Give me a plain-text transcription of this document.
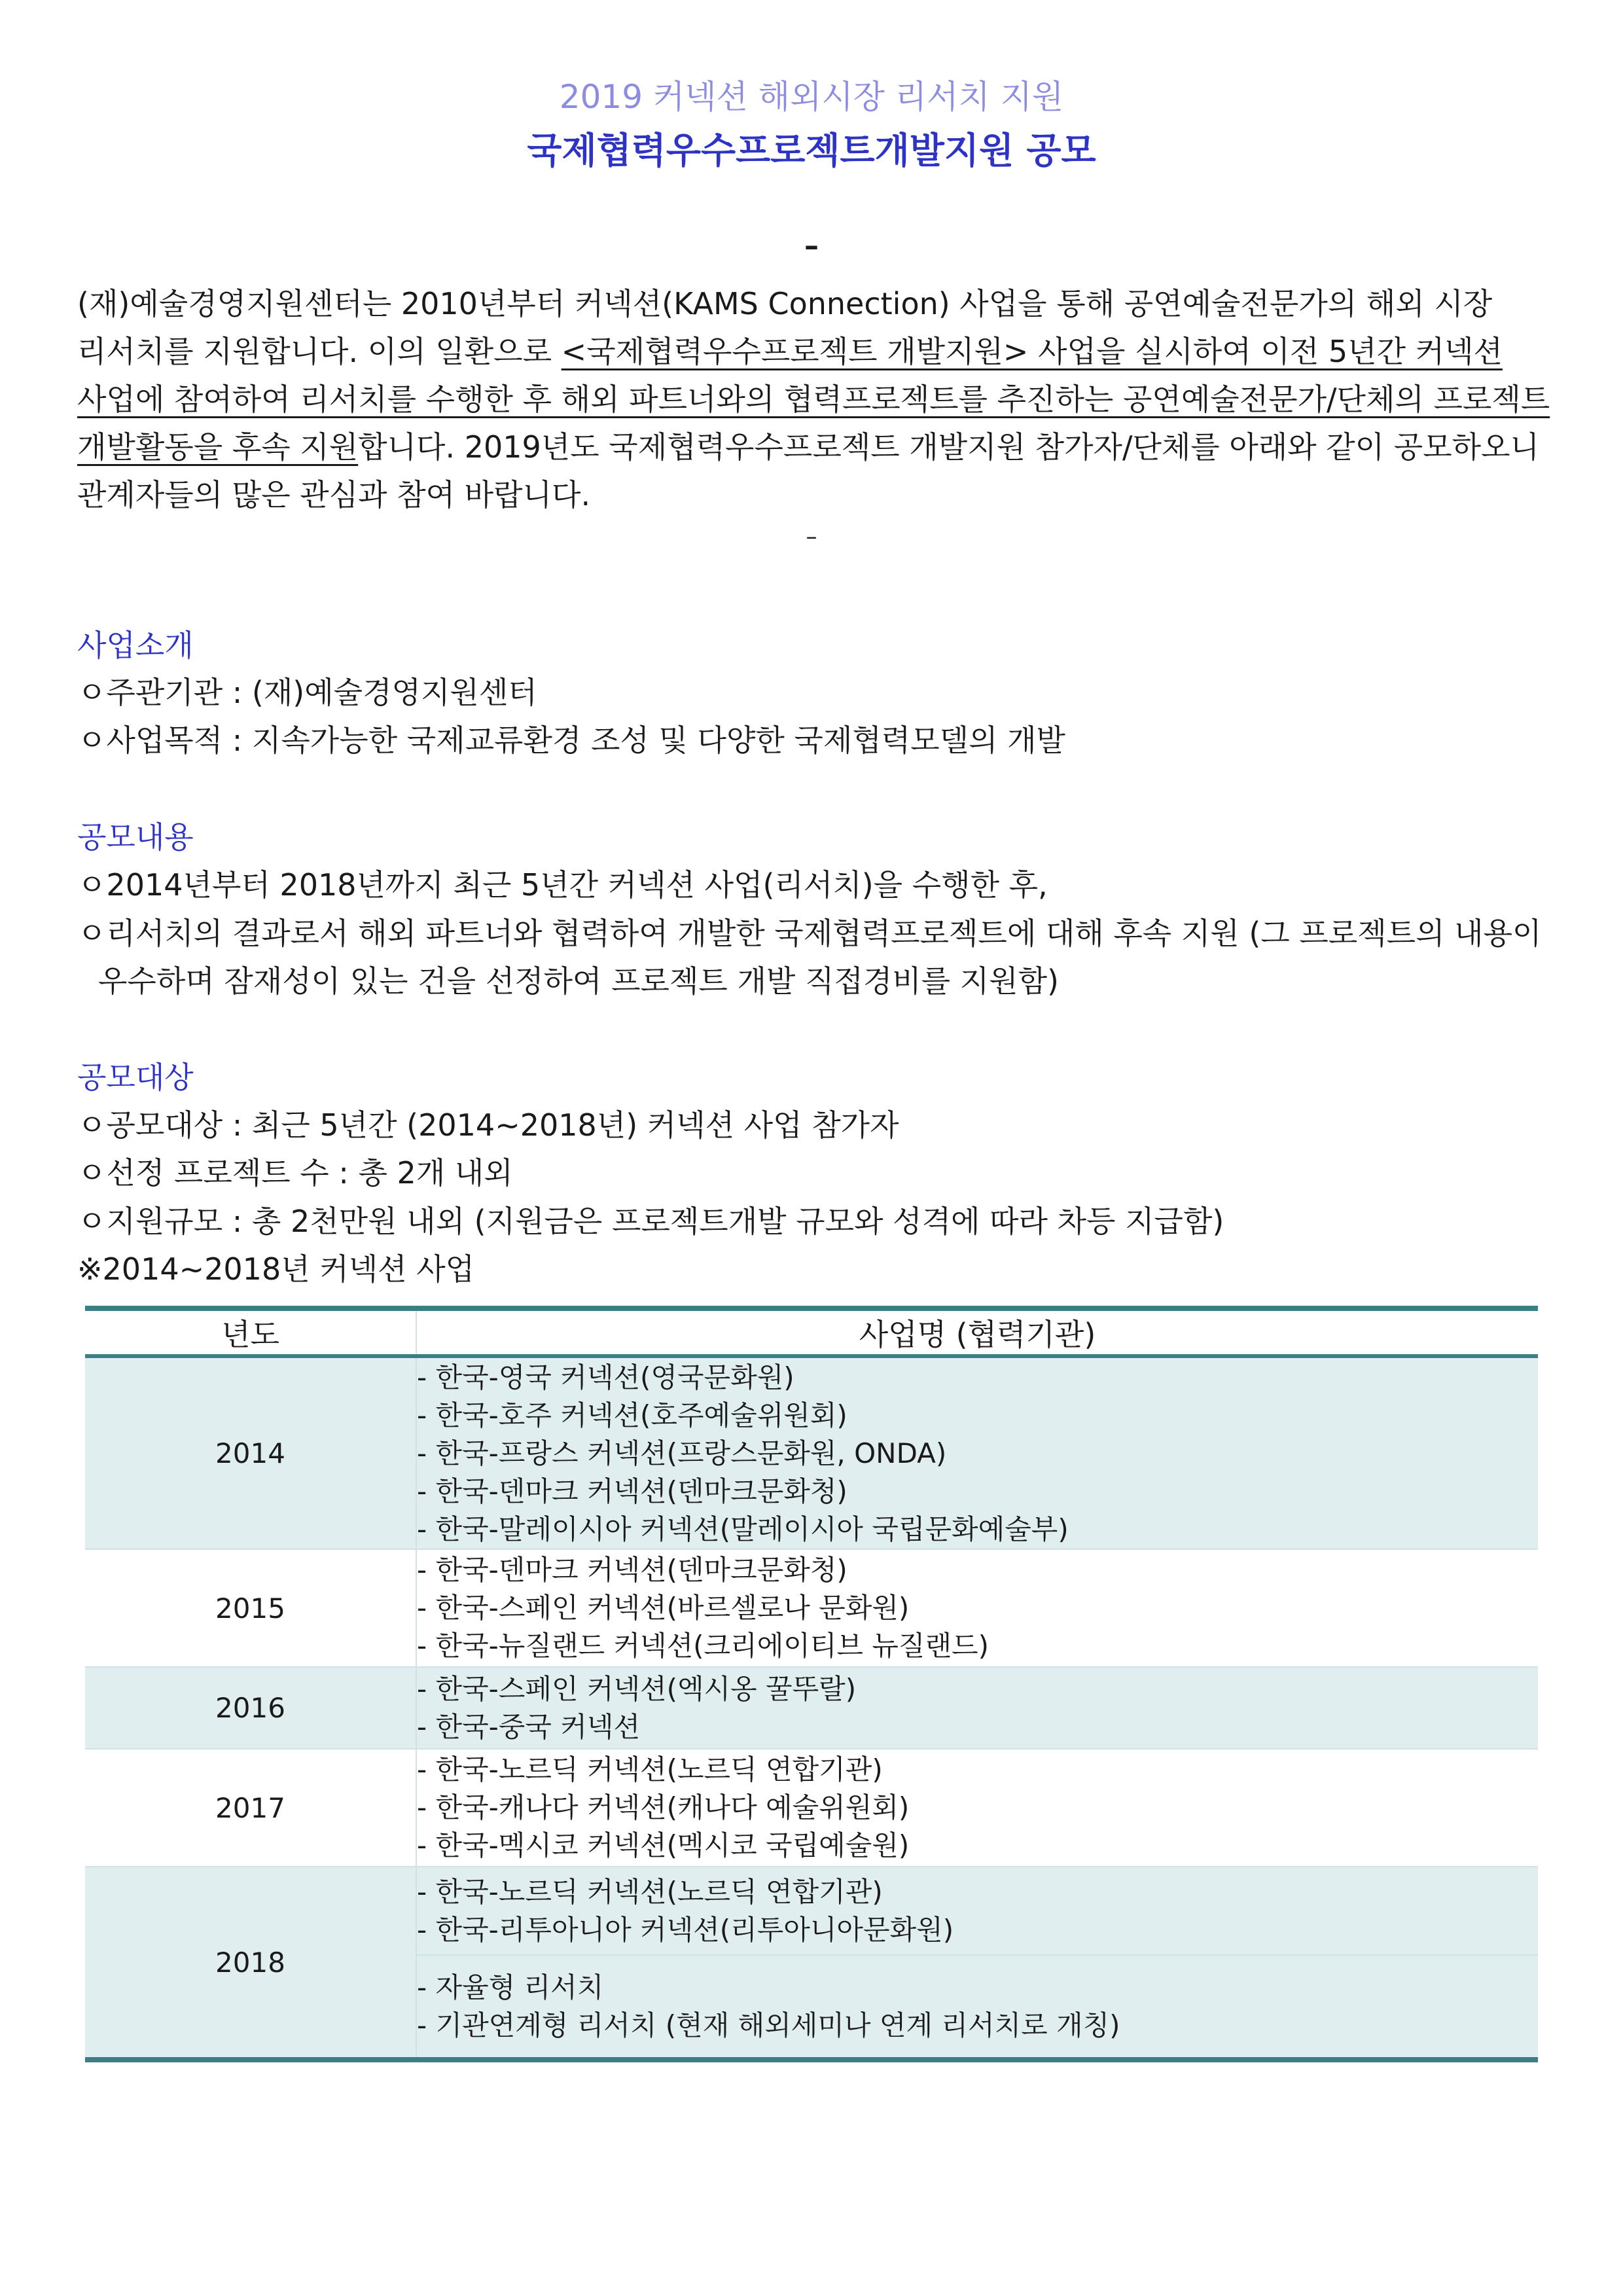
2019 커넥션 해외시장 리서치 지원
국제협력우수프로젝트개발지원 공모
–
(재)예술경영지원센터는 2010년부터 커넥션(KAMS Connection) 사업을 통해 공연예술전문가의 해외 시장
리서치를 지원합니다. 이의 일환으로 <국제협력우수프로젝트 개발지원> 사업을 실시하여 이전 5년간 커넥션
사업에 참여하여 리서치를 수행한 후 해외 파트너와의 협력프로젝트를 추진하는 공연예술전문가/단체의 프로젝트
개발활동을 후속 지원합니다. 2019년도 국제협력우수프로젝트 개발지원 참가자/단체를 아래와 같이 공모하오니
관계자들의 많은 관심과 참여 바랍니다.
–
사업소개
ㅇ주관기관 : (재)예술경영지원센터
ㅇ사업목적 : 지속가능한 국제교류환경 조성 및 다양한 국제협력모델의 개발
공모내용
ㅇ2014년부터 2018년까지 최근 5년간 커넥션 사업(리서치)을 수행한 후,
ㅇ리서치의 결과로서 해외 파트너와 협력하여 개발한 국제협력프로젝트에 대해 후속 지원 (그 프로젝트의 내용이
우수하며 잠재성이 있는 건을 선정하여 프로젝트 개발 직접경비를 지원함)
공모대상
ㅇ공모대상 : 최근 5년간 (2014~2018년) 커넥션 사업 참가자
ㅇ선정 프로젝트 수 : 총 2개 내외
ㅇ지원규모 : 총 2천만원 내외 (지원금은 프로젝트개발 규모와 성격에 따라 차등 지급함)
※2014~2018년 커넥션 사업
년도	사업명 (협력기관)
2014	- 한국-영국 커넥션(영국문화원)
- 한국-호주 커넥션(호주예술위원회)
- 한국-프랑스 커넥션(프랑스문화원, ONDA)
- 한국-덴마크 커넥션(덴마크문화청)
- 한국-말레이시아 커넥션(말레이시아 국립문화예술부)

2015	- 한국-덴마크 커넥션(덴마크문화청)
- 한국-스페인 커넥션(바르셀로나 문화원)
- 한국-뉴질랜드 커넥션(크리에이티브 뉴질랜드)

2016	- 한국-스페인 커넥션(엑시옹 꿀뚜랄)
- 한국-중국 커넥션

2017	- 한국-노르딕 커넥션(노르딕 연합기관)
- 한국-캐나다 커넥션(캐나다 예술위원회)
- 한국-멕시코 커넥션(멕시코 국립예술원)

2018	- 한국-노르딕 커넥션(노르딕 연합기관)
- 한국-리투아니아 커넥션(리투아니아문화원)

	- 자율형 리서치
- 기관연계형 리서치 (현재 해외세미나 연계 리서치로 개칭)
